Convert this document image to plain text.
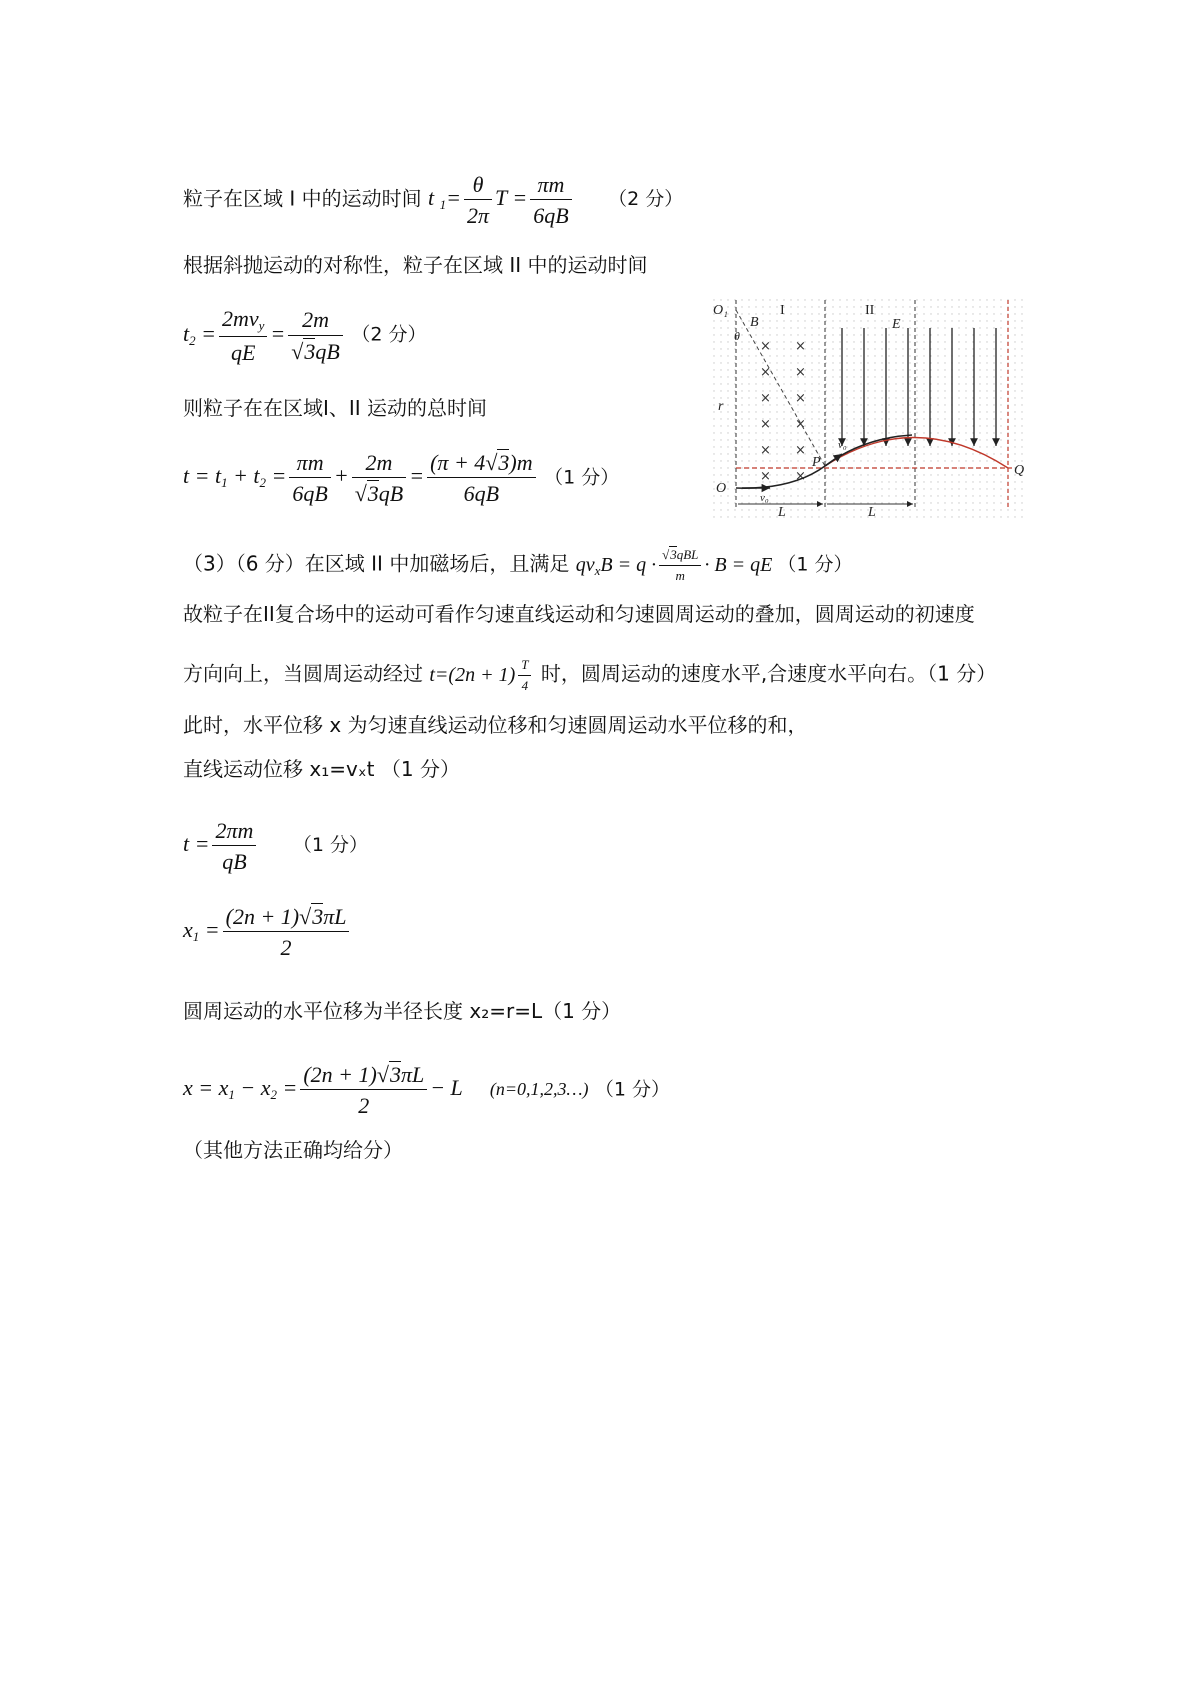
粒子在区域 I 中的运动时间 t $_1= \frac{\theta}{2\pi}$ $T = \frac{\pi m}{6qB} (2$ 分）
根据斜抛运动的对称性，粒子在区域 II 中的运动时间
$t_2 = \frac{2mv_y}{qE} = \frac{2m}{√3qB} (2$ 分）
则粒子在在区域I、II 运动的总时间
$t = t_1 + t_2 = \frac{\pi m}{6qB} + \frac{2m}{√3qB} = \frac{(\pi + 4√3)m}{6qB} (1$ 分）
（3）（6 分）在区域 II 中加磁场后，且满足 $qv_xB = q \cdot \frac{\text{√3qBL}}{m} \cdot B$ = qE （1 分）
故粒子在II复合场中的运动可看作匀速直线运动和匀速圆周运动的叠加，圆周运动的初速度
方向向上，当圆周运动经过 $t=(2n + 1) \frac{T}{4}$ 时，圆周运动的速度水平,合速度水平向右。（1 分）
此时，水平位移 x 为匀速直线运动位移和匀速圆周运动水平位移的和，
直线运动位移 x₁=vₓt （1 分）
$t = \frac{2\pi m}{qB} (1$ 分）
$x_1 = \frac{(2n + 1)√3\pi L}{2}$
圆周运动的水平位移为半径长度 x₂=r=L（1 分）
$x = x_1 - x_2 = \frac{(2n + 1)√3\pi L}{2} - L$ (n=0,1,2,3…) （1 分）
（其他方法正确均给分）
× ×
× ×
× ×
× ×
× ×
× ×
O₁
B
I	II
E
θ
r
v₀
P
Q
O
v₀
L	L
